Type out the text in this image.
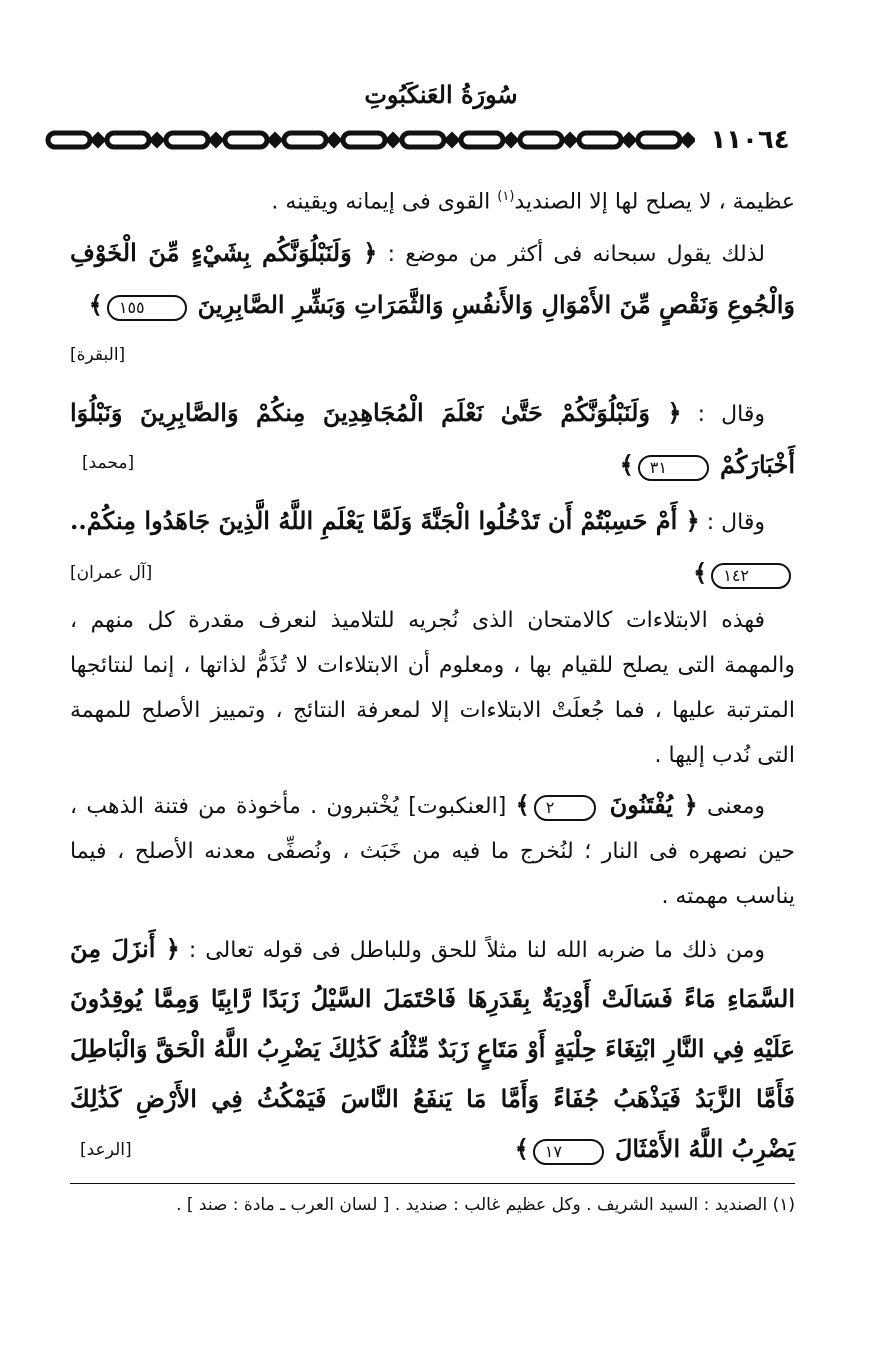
سُورَةُ العَنكَبُوتِ
١١٠٦٤
عظيمة ، لا يصلح لها إلا الصنديد$^{(١)}$ القوى فى إيمانه ويقينه .
لذلك يقول سبحانه فى أكثر من موضع : ﴿ وَلَنَبْلُوَنَّكُم بِشَيْءٍ مِّنَ الْخَوْفِ وَالْجُوعِ وَنَقْصٍ مِّنَ الأَمْوَالِ وَالأَنفُسِ وَالثَّمَرَاتِ وَبَشِّرِ الصَّابِرِينَ ١٥٥﴾
[البقرة]
وقال : ﴿ وَلَنَبْلُوَنَّكُمْ حَتَّىٰ نَعْلَمَ الْمُجَاهِدِينَ مِنكُمْ وَالصَّابِرِينَ وَنَبْلُوَا أَخْبَارَكُمْ ٣١﴾
[محمد]
وقال : ﴿ أَمْ حَسِبْتُمْ أَن تَدْخُلُوا الْجَنَّةَ وَلَمَّا يَعْلَمِ اللَّهُ الَّذِينَ جَاهَدُوا مِنكُمْ.. ١٤٢﴾
[آل عمران]
فهذه الابتلاءات كالامتحان الذى نُجريه للتلاميذ لنعرف مقدرة كل منهم ، والمهمة التى يصلح للقيام بها ، ومعلوم أن الابتلاءات لا تُذَمُّ لذاتها ، إنما لنتائجها المترتبة عليها ، فما جُعلَتْ الابتلاءات إلا لمعرفة النتائج ، وتمييز الأصلح للمهمة التى نُدب إليها .
ومعنى ﴿ يُفْتَنُونَ ٢﴾ [العنكبوت] يُخْتبرون . مأخوذة من فتنة الذهب ، حين نصهره فى النار ؛ لنُخرج ما فيه من خَبَث ، ونُصفِّى معدنه الأصلح ، فيما يناسب مهمته .
ومن ذلك ما ضربه الله لنا مثلاً للحق وللباطل فى قوله تعالى : ﴿ أَنزَلَ مِنَ السَّمَاءِ مَاءً فَسَالَتْ أَوْدِيَةٌ بِقَدَرِهَا فَاحْتَمَلَ السَّيْلُ زَبَدًا رَّابِيًا وَمِمَّا يُوقِدُونَ عَلَيْهِ فِي النَّارِ ابْتِغَاءَ حِلْيَةٍ أَوْ مَتَاعٍ زَبَدٌ مِّثْلُهُ كَذَٰلِكَ يَضْرِبُ اللَّهُ الْحَقَّ وَالْبَاطِلَ فَأَمَّا الزَّبَدُ فَيَذْهَبُ جُفَاءً وَأَمَّا مَا يَنفَعُ النَّاسَ فَيَمْكُثُ فِي الأَرْضِ كَذَٰلِكَ يَضْرِبُ اللَّهُ الأَمْثَالَ ١٧﴾
[الرعد]
(١) الصنديد : السيد الشريف . وكل عظيم غالب : صنديد . [ لسان العرب ـ مادة : صند ] .
